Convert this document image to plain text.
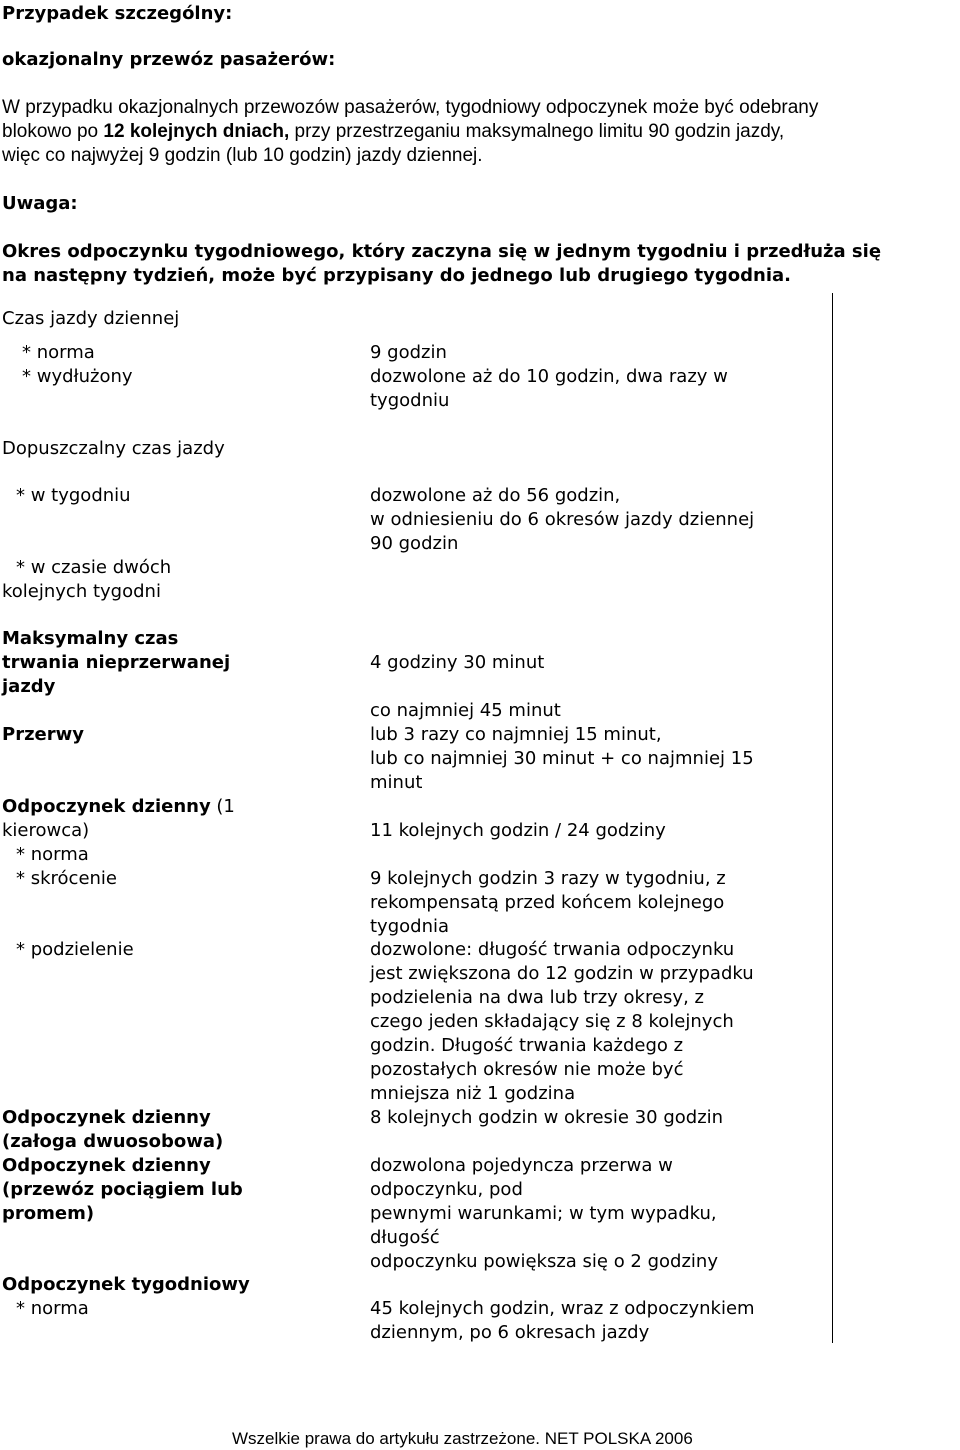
Przypadek szczególny:
okazjonalny przewóz pasażerów:
W przypadku okazjonalnych przewozów pasażerów, tygodniowy odpoczynek może być odebrany
blokowo po 12 kolejnych dniach, przy przestrzeganiu maksymalnego limitu 90 godzin jazdy,
więc co najwyżej 9 godzin (lub 10 godzin) jazdy dziennej.
Uwaga:
Okres odpoczynku tygodniowego, który zaczyna się w jednym tygodniu i przedłuża się
na następny tydzień, może być przypisany do jednego lub drugiego tygodnia.
Czas jazdy dziennej
* norma
* wydłużony
Dopuszczalny czas jazdy
* w tygodniu
* w czasie dwóch
kolejnych tygodni
Maksymalny czas
trwania nieprzerwanej
jazdy
Przerwy
Odpoczynek dzienny (1
kierowca)
* norma
* skrócenie
* podzielenie
Odpoczynek dzienny
(załoga dwuosobowa)
Odpoczynek dzienny
(przewóz pociągiem lub
promem)
Odpoczynek tygodniowy
* norma
9 godzin
dozwolone aż do 10 godzin, dwa razy w
tygodniu
dozwolone aż do 56 godzin,
w odniesieniu do 6 okresów jazdy dziennej
90 godzin
4 godziny 30 minut
co najmniej 45 minut
lub 3 razy co najmniej 15 minut,
lub co najmniej 30 minut + co najmniej 15
minut
11 kolejnych godzin / 24 godziny
9 kolejnych godzin 3 razy w tygodniu, z
rekompensatą przed końcem kolejnego
tygodnia
dozwolone: długość trwania odpoczynku
jest zwiększona do 12 godzin w przypadku
podzielenia na dwa lub trzy okresy, z
czego jeden składający się z 8 kolejnych
godzin. Długość trwania każdego z
pozostałych okresów nie może być
mniejsza niż 1 godzina
8 kolejnych godzin w okresie 30 godzin
dozwolona pojedyncza przerwa w
odpoczynku, pod
pewnymi warunkami; w tym wypadku,
długość
odpoczynku powiększa się o 2 godziny
45 kolejnych godzin, wraz z odpoczynkiem
dziennym, po 6 okresach jazdy
Wszelkie prawa do artykułu zastrzeżone. NET POLSKA 2006
